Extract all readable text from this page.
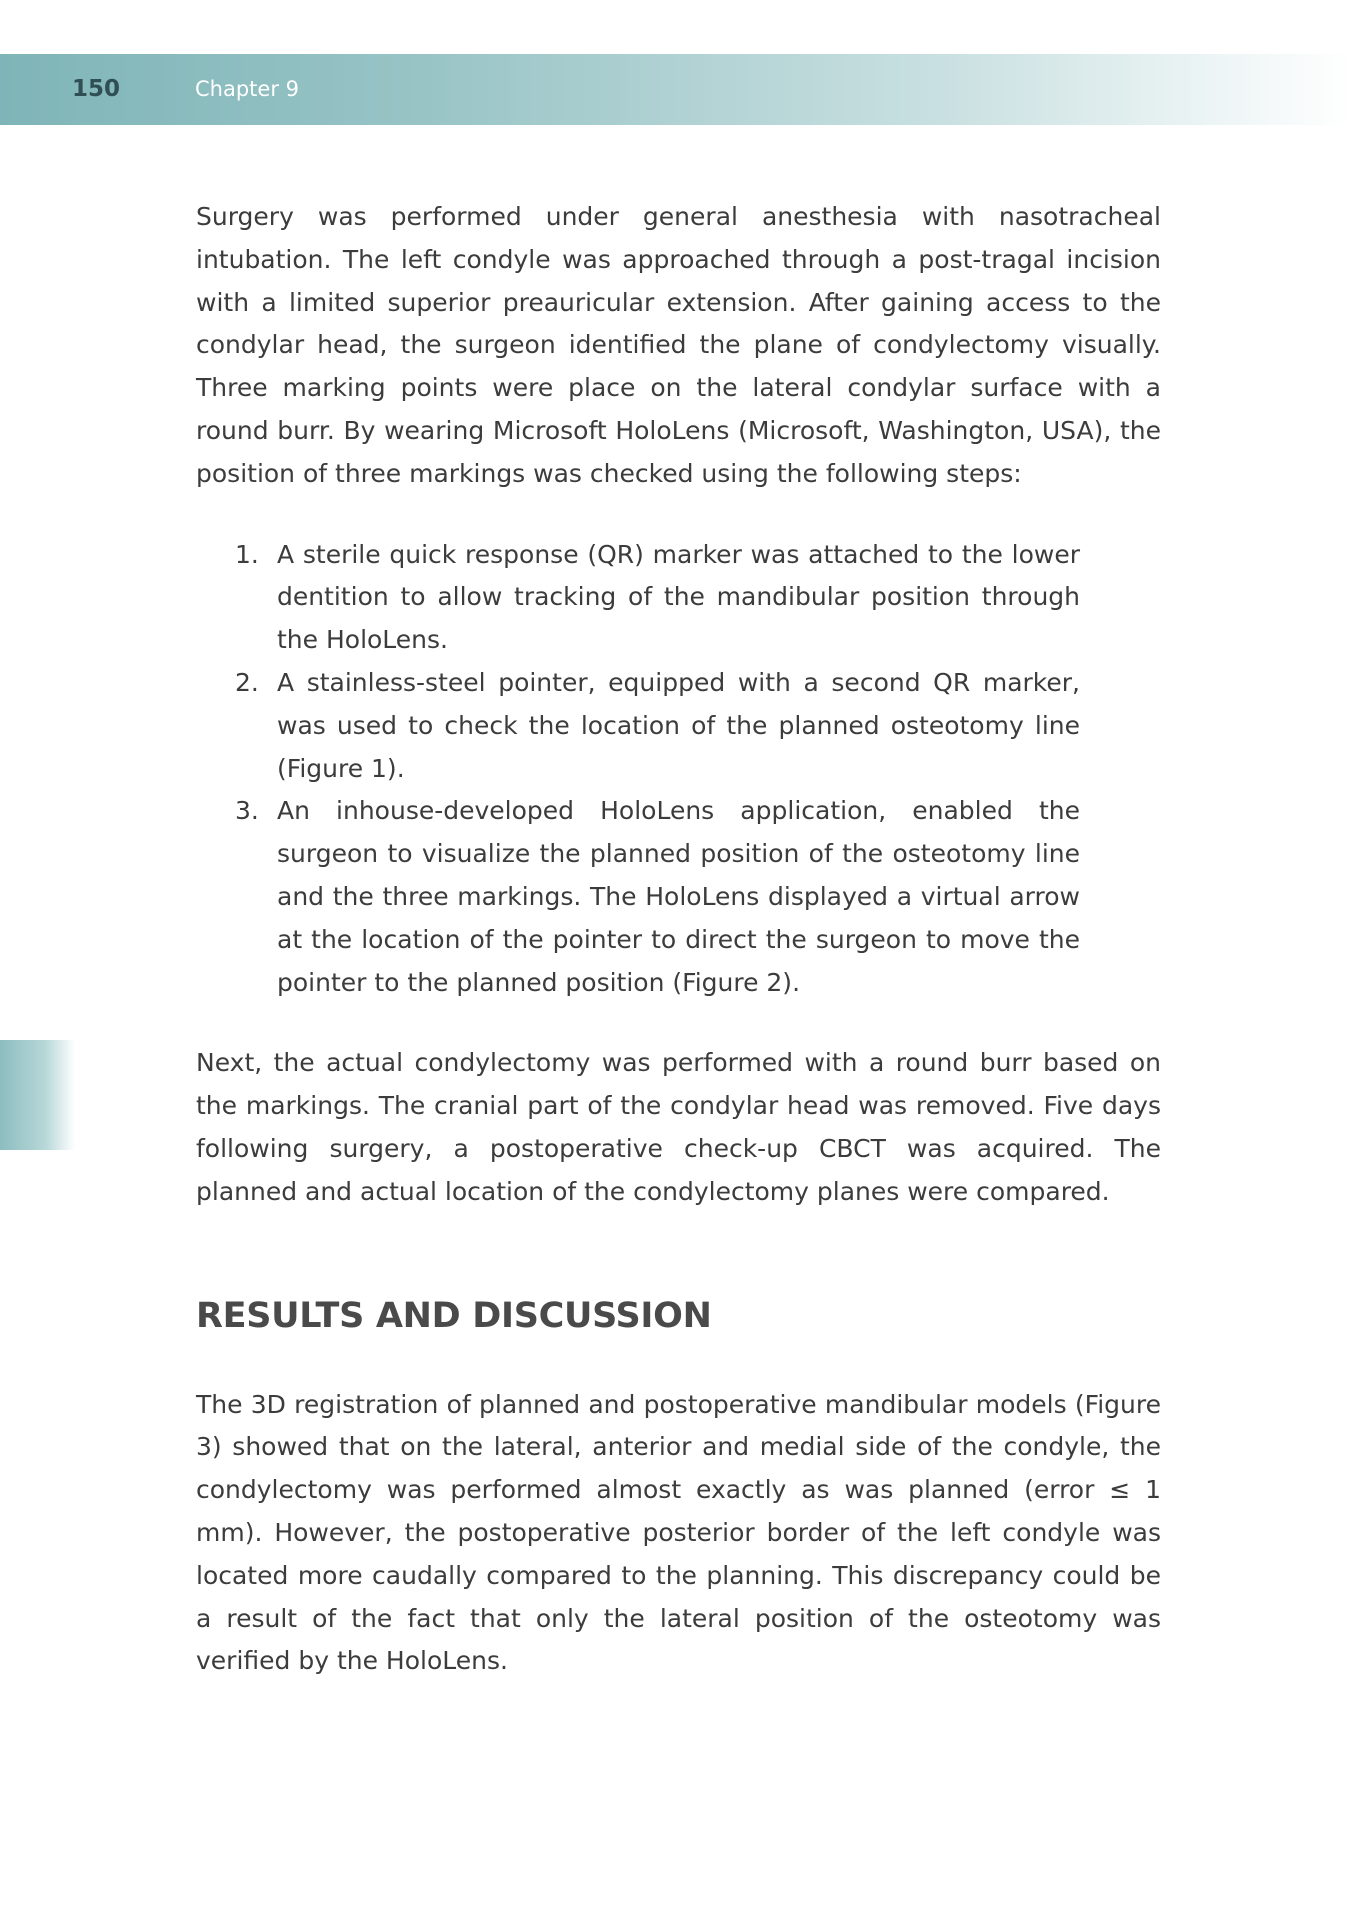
150	Chapter 9

Surgery was performed under general anesthesia with nasotracheal intubation. The left condyle was approached through a post-tragal incision with a limited superior preauricular extension. After gaining access to the condylar head, the surgeon identified the plane of condylectomy visually. Three marking points were place on the lateral condylar surface with a round burr. By wearing Microsoft HoloLens (Microsoft, Washington, USA), the position of three markings was checked using the following steps:

1. A sterile quick response (QR) marker was attached to the lower dentition to allow tracking of the mandibular position through the HoloLens.
2. A stainless-steel pointer, equipped with a second QR marker, was used to check the location of the planned osteotomy line (Figure 1).
3. An inhouse-developed HoloLens application, enabled the surgeon to visualize the planned position of the osteotomy line and the three markings. The HoloLens displayed a virtual arrow at the location of the pointer to direct the surgeon to move the pointer to the planned position (Figure 2).

Next, the actual condylectomy was performed with a round burr based on the markings. The cranial part of the condylar head was removed. Five days following surgery, a postoperative check-up CBCT was acquired. The planned and actual location of the condylectomy planes were compared.

RESULTS AND DISCUSSION

The 3D registration of planned and postoperative mandibular models (Figure 3) showed that on the lateral, anterior and medial side of the condyle, the condylectomy was performed almost exactly as was planned (error ≤ 1 mm). However, the postoperative posterior border of the left condyle was located more caudally compared to the planning. This discrepancy could be a result of the fact that only the lateral position of the osteotomy was verified by the HoloLens.
